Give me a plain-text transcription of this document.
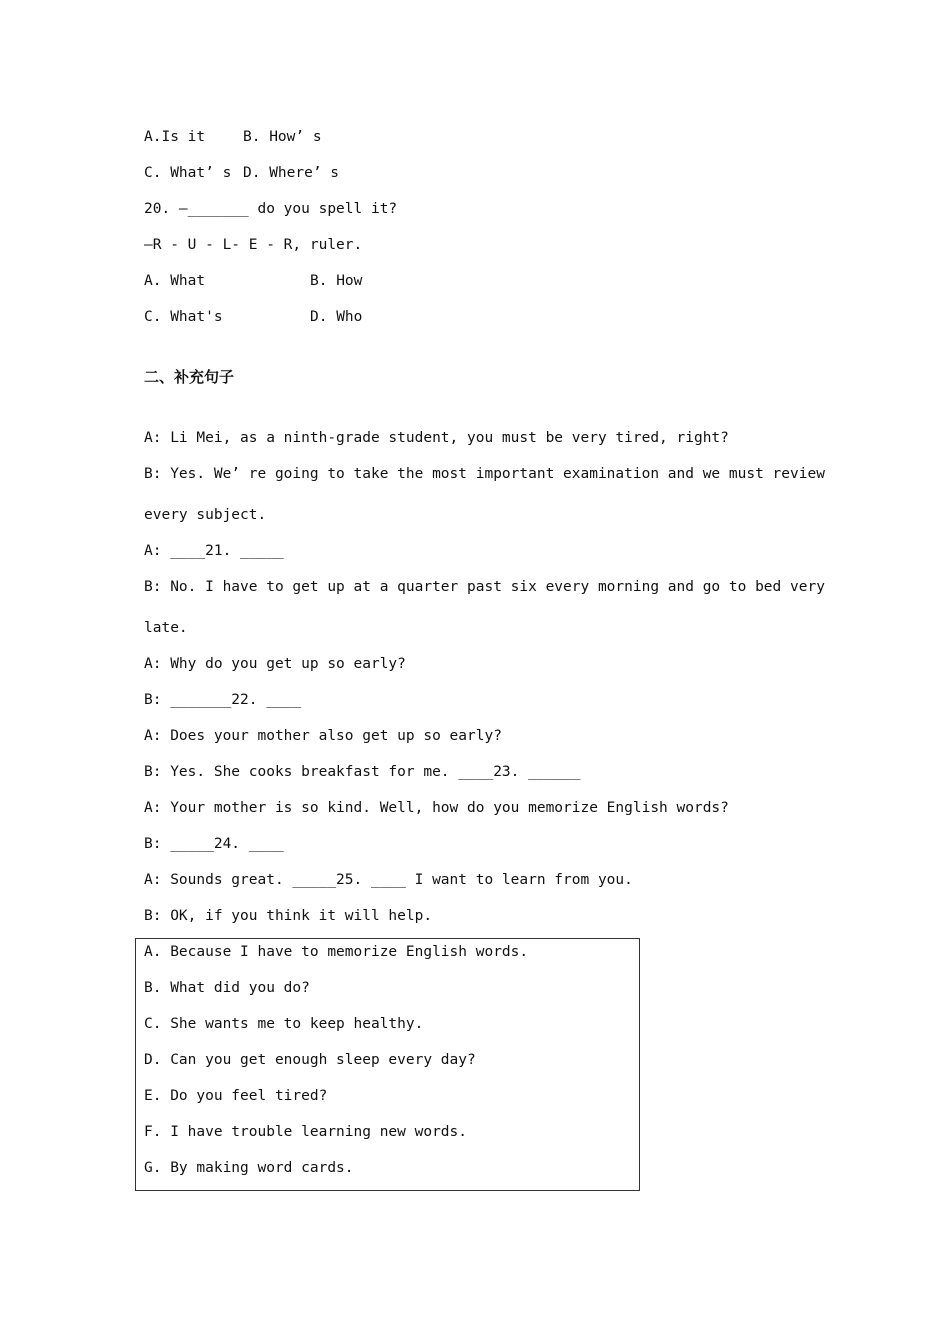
A.Is it	B. How’ s
C. What’ s D. Where’ s
20. —_______ do you spell it?
—R - U - L- E - R, ruler.
A. What	B. How
C. What's	D. Who
二、补充句子
A: Li Mei, as a ninth-grade student, you must be very tired, right?
B: Yes. We’ re going to take the most important examination and we must review
every subject.
A: ____21. _____
B: No. I have to get up at a quarter past six every morning and go to bed very
late.
A: Why do you get up so early?
B: _______22. ____
A: Does your mother also get up so early?
B: Yes. She cooks breakfast for me. ____23. ______
A: Your mother is so kind. Well, how do you memorize English words?
B: _____24. ____
A: Sounds great. _____25. ____ I want to learn from you.
B: OK, if you think it will help.
A. Because I have to memorize English words.
B. What did you do?
C. She wants me to keep healthy.
D. Can you get enough sleep every day?
E. Do you feel tired?
F. I have trouble learning new words.
G. By making word cards.
